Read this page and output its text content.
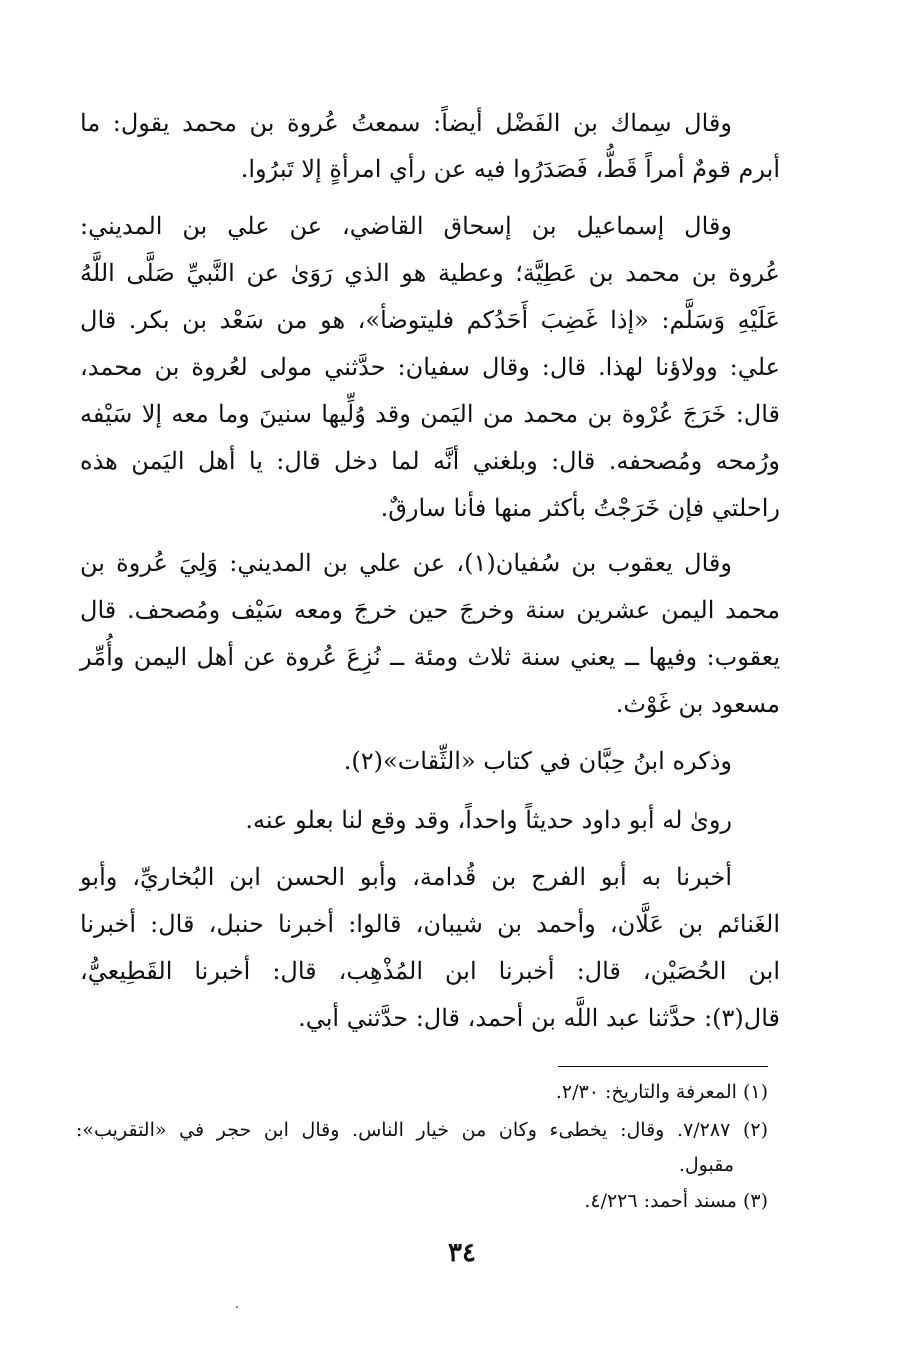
وقال سِماك بن الفَضْل أيضاً: سمعتُ عُروة بن محمد يقول: ما
أبرم قومٌ أمراً قَطُّ، فَصَدَرُوا فيه عن رأي امرأةٍ إلا تَبرُوا.
وقال إسماعيل بن إسحاق القاضي، عن علي بن المديني:
عُروة بن محمد بن عَطِيَّة؛ وعطية هو الذي رَوَىٰ عن النَّبيِّ صَلَّى اللَّهُ
عَلَيْهِ وَسَلَّم: «إذا غَضِبَ أَحَدُكم فليتوضأ»، هو من سَعْد بن بكر. قال
علي: وولاؤنا لهذا. قال: وقال سفيان: حدَّثني مولى لعُروة بن محمد،
قال: خَرَجَ عُرْوة بن محمد من اليَمن وقد وُلِّيها سنينَ وما معه إلا سَيْفه
ورُمحه ومُصحفه. قال: وبلغني أنَّه لما دخل قال: يا أهل اليَمن هذه
راحلتي فإن خَرَجْتُ بأكثر منها فأنا سارقٌ.
وقال يعقوب بن سُفيان(١)، عن علي بن المديني: وَلِيَ عُروة بن
محمد اليمن عشرين سنة وخرجَ حين خرجَ ومعه سَيْف ومُصحف. قال
يعقوب: وفيها ــ يعني سنة ثلاث ومئة ــ نُزِعَ عُروة عن أهل اليمن وأُمِّر
مسعود بن غَوْث.
وذكره ابنُ حِبَّان في كتاب «الثِّقات»(٢).
روىٰ له أبو داود حديثاً واحداً، وقد وقع لنا بعلو عنه.
أخبرنا به أبو الفرج بن قُدامة، وأبو الحسن ابن البُخاريِّ، وأبو
الغَنائم بن عَلَّان، وأحمد بن شيبان، قالوا: أخبرنا حنبل، قال: أخبرنا
ابن الحُصَيْن، قال: أخبرنا ابن المُذْهِب، قال: أخبرنا القَطِيعيُّ،
قال(٣): حدَّثنا عبد اللَّه بن أحمد، قال: حدَّثني أبي.
(١) المعرفة والتاريخ: ٢/٣٠.
(٢) ٧/٢٨٧. وقال: يخطىء وكان من خيار الناس. وقال ابن حجر في «التقريب»:
مقبول.
(٣) مسند أحمد: ٤/٢٢٦.
٣٤
